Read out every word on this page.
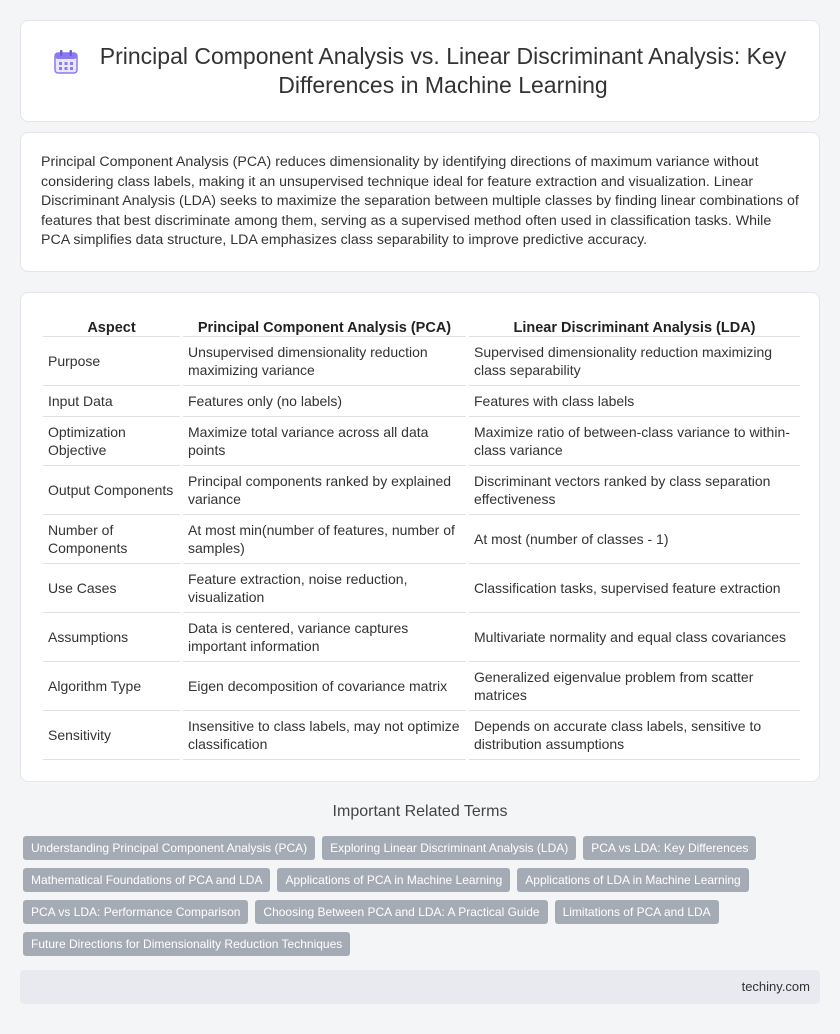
Principal Component Analysis vs. Linear Discriminant Analysis: Key Differences in Machine Learning

Principal Component Analysis (PCA) reduces dimensionality by identifying directions of maximum variance without considering class labels, making it an unsupervised technique ideal for feature extraction and visualization. Linear Discriminant Analysis (LDA) seeks to maximize the separation between multiple classes by finding linear combinations of features that best discriminate among them, serving as a supervised method often used in classification tasks. While PCA simplifies data structure, LDA emphasizes class separability to improve predictive accuracy.

Aspect	Principal Component Analysis (PCA)	Linear Discriminant Analysis (LDA)
Purpose	Unsupervised dimensionality reduction maximizing variance	Supervised dimensionality reduction maximizing class separability
Input Data	Features only (no labels)	Features with class labels
Optimization Objective	Maximize total variance across all data points	Maximize ratio of between-class variance to within-class variance
Output Components	Principal components ranked by explained variance	Discriminant vectors ranked by class separation effectiveness
Number of Components	At most min(number of features, number of samples)	At most (number of classes - 1)
Use Cases	Feature extraction, noise reduction, visualization	Classification tasks, supervised feature extraction
Assumptions	Data is centered, variance captures important information	Multivariate normality and equal class covariances
Algorithm Type	Eigen decomposition of covariance matrix	Generalized eigenvalue problem from scatter matrices
Sensitivity	Insensitive to class labels, may not optimize classification	Depends on accurate class labels, sensitive to distribution assumptions
Important Related Terms
Understanding Principal Component Analysis (PCA) Exploring Linear Discriminant Analysis (LDA) PCA vs LDA: Key Differences
Mathematical Foundations of PCA and LDA Applications of PCA in Machine Learning Applications of LDA in Machine Learning
PCA vs LDA: Performance Comparison Choosing Between PCA and LDA: A Practical Guide Limitations of PCA and LDA
Future Directions for Dimensionality Reduction Techniques
techiny.com
